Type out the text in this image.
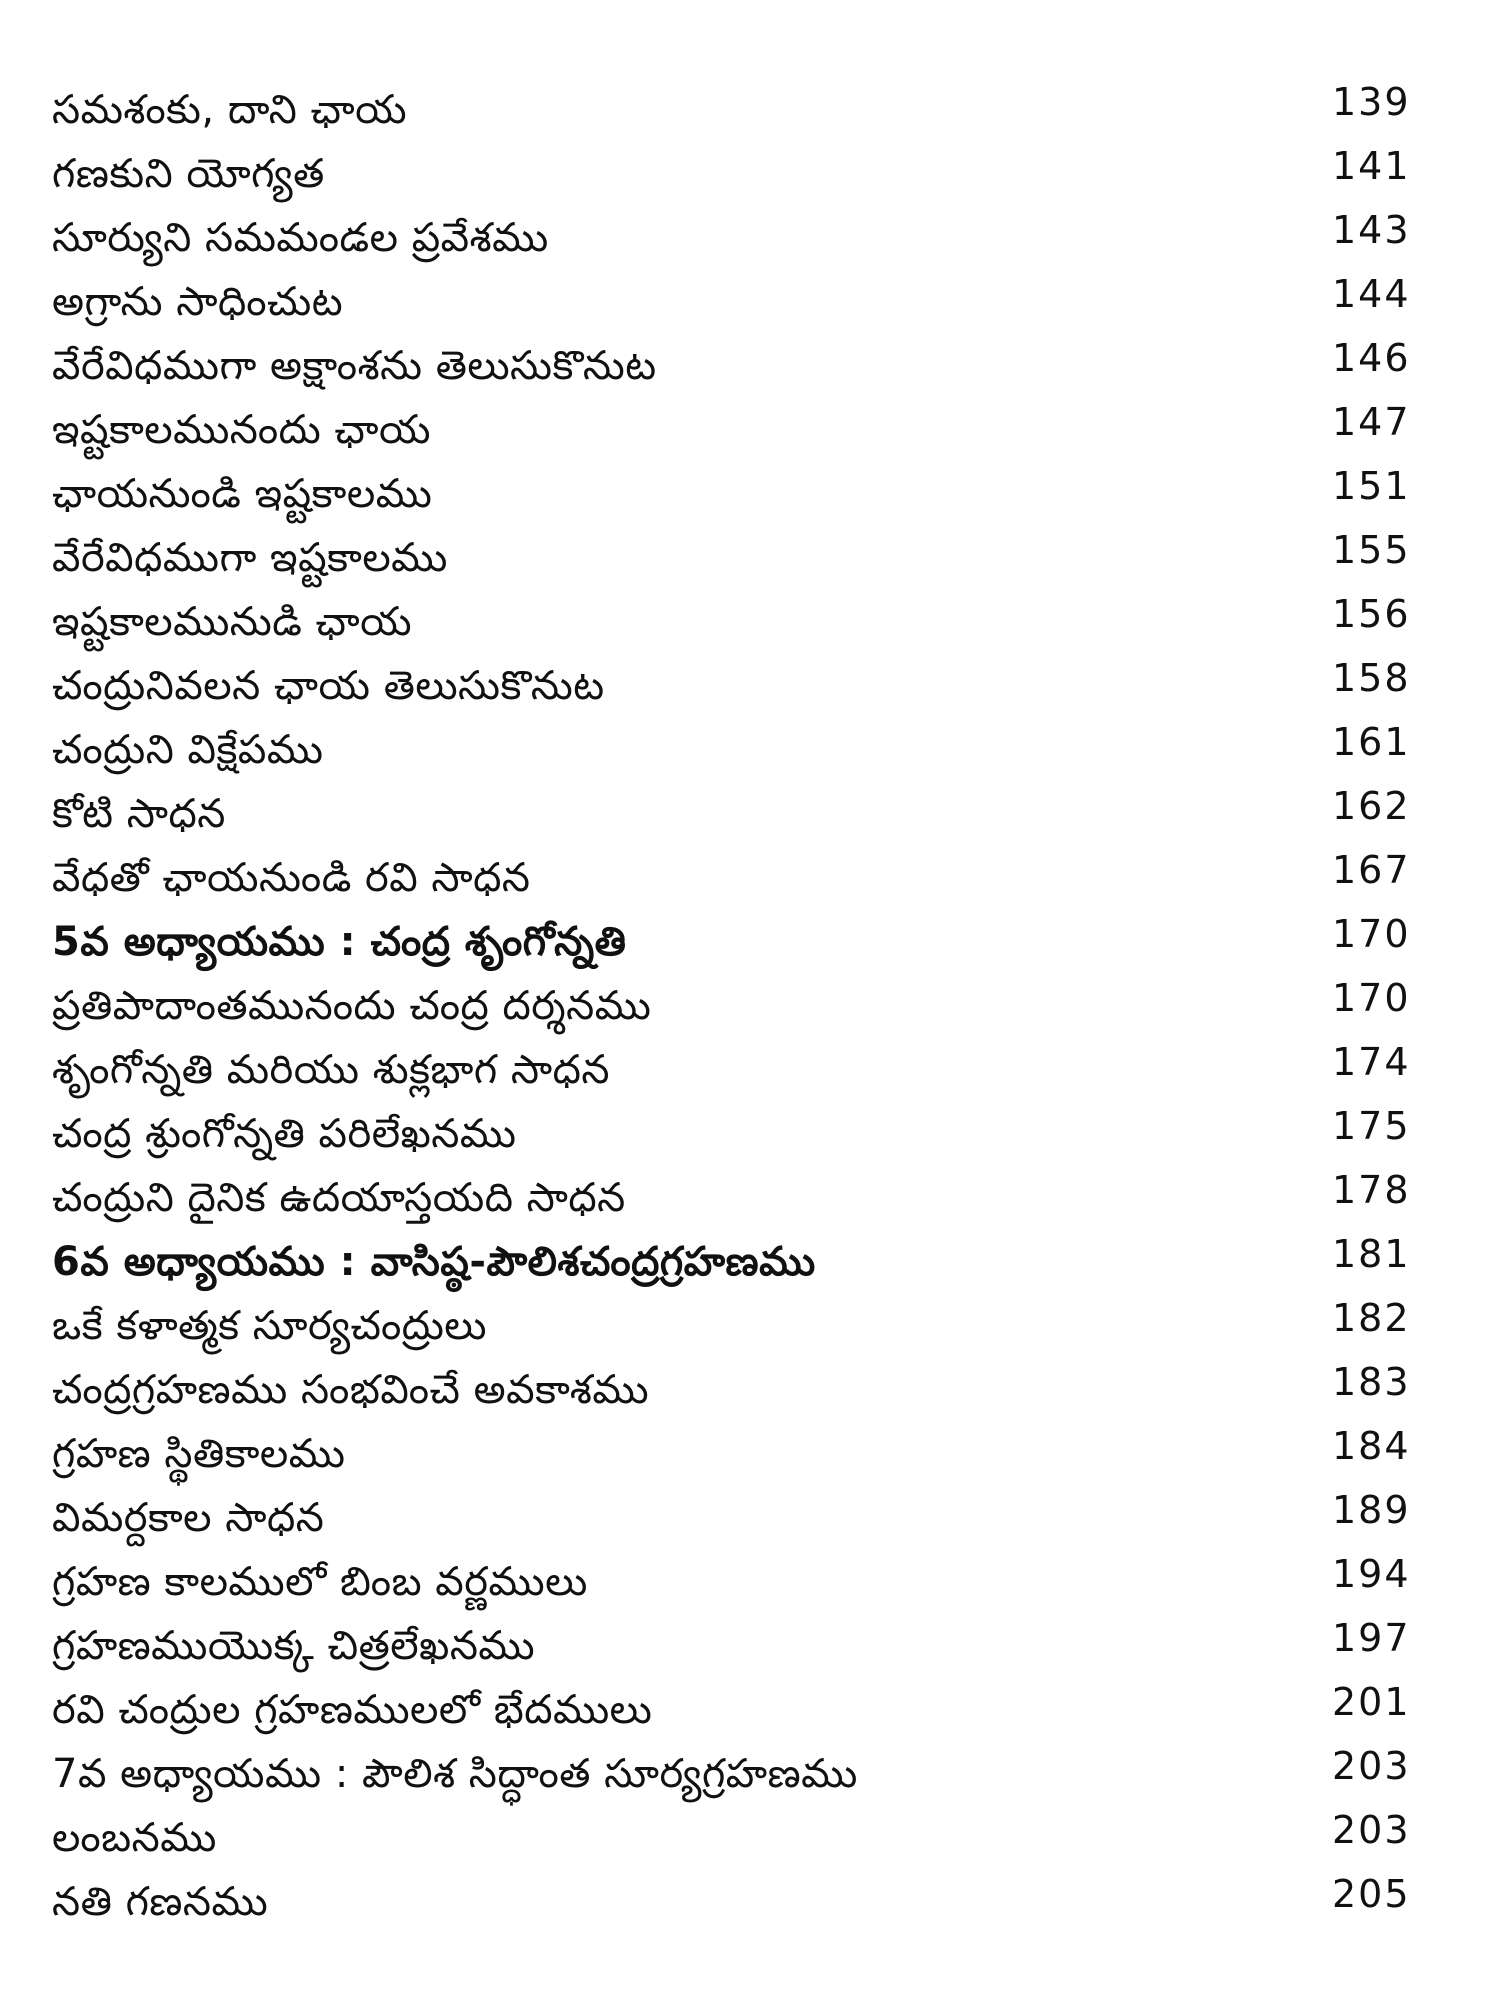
సమశంకు, దాని ఛాయ	139
గణకుని యోగ్యత	141
సూర్యుని సమమండల ప్రవేశము	143
అగ్రాను సాధించుట	144
వేరేవిధముగా అక్షాంశను తెలుసుకొనుట	146
ఇష్టకాలమునందు ఛాయ	147
ఛాయనుండి ఇష్టకాలము	151
వేరేవిధముగా ఇష్టకాలము	155
ఇష్టకాలమునుడి ఛాయ	156
చంద్రునివలన ఛాయ తెలుసుకొనుట	158
చంద్రుని విక్షేపము	161
కోటి సాధన	162
వేధతో ఛాయనుండి రవి సాధన	167
5వ అధ్యాయము : చంద్ర శృంగోన్నతి	170
ప్రతిపాదాంతమునందు చంద్ర దర్శనము	170
శృంగోన్నతి మరియు శుక్లభాగ సాధన	174
చంద్ర శ్రుంగోన్నతి పరిలేఖనము	175
చంద్రుని దైనిక ఉదయాస్తయది సాధన	178
6వ అధ్యాయము : వాసిష్ఠ-పౌలిశచంద్రగ్రహణము	181
ఒకే కళాత్మక సూర్యచంద్రులు	182
చంద్రగ్రహణము సంభవించే అవకాశము	183
గ్రహణ స్థితికాలము	184
విమర్దకాల సాధన	189
గ్రహణ కాలములో బింబ వర్ణములు	194
గ్రహణముయొక్క చిత్రలేఖనము	197
రవి చంద్రుల గ్రహణములలో భేదములు	201
7వ అధ్యాయము : పౌలిశ సిద్ధాంత సూర్యగ్రహణము	203
లంబనము	203
నతి గణనము	205
